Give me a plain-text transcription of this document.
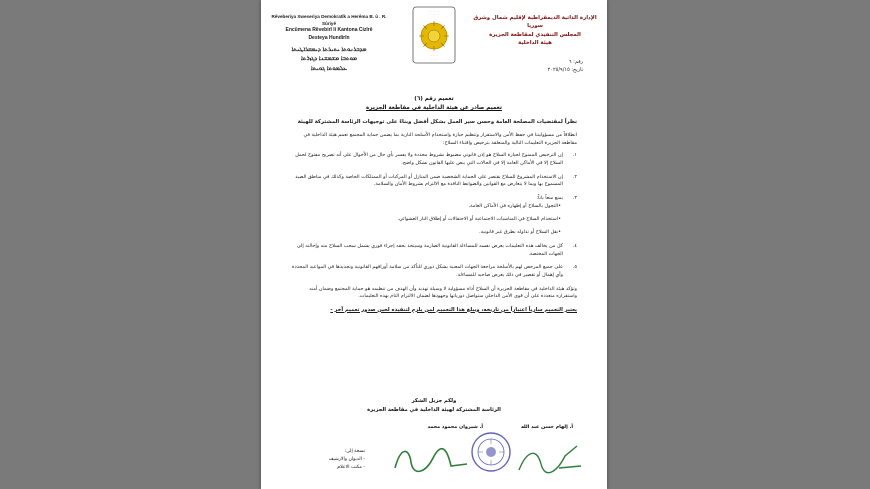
Rêveberiya Xweseriya Demokratîk a Herêma B. û . R. Sûriyê
Encûmena Rêvebirî li Kantona Cizîrê
Desteya Hundirîn
ܡܕܒܪܢܘܬܐ ܝܬܝܪܬܐ ܕܝܡܩܪܐܛܝܬܐ
ܡܘܬܒܐ ܡܫܡܫܢܐ ܕܓܙܪܬܐ
ܥܠܡܘܬܐ ܓܘܝܬܐ
· · · · · · · ·
· · · · · ·
· · · · · ·
· · · ·
الإدارة الذاتية الديمقراطية لإقليم شمال وشرق سوريا
المجلس التنفيذي لمقاطعة الجزيرة
هيئة الداخلية
رقم: ٦
تاريخ: ٢٠٢٥/٩/١٥
تعميم رقم (٦)
تعميم صادر عن هيئة الداخلية في مقاطعة الجزيرة

نظراً لمقتضيات المصلحة العامة وحسن سير العمل بشكل أفضل وبناءً على توجيهات الرئاسة المشتركة للهيئة

انطلاقاً من مسؤوليتنا في حفظ الأمن والاستقرار وتنظيم حيازة واستخدام الأسلحة النارية بما يضمن حماية المجتمع تعمم هيئة الداخلية في مقاطعة الجزيرة التعليمات التالية والمتعلقة بترخيص واقتناء السلاح:

١.
إن الترخيص الممنوح لحيازة السلاح هو إذن قانوني مضبوط بشروط محددة ولا يفسر بأي حال من الأحوال على أنه تصريح مفتوح لحمل السلاح إلا في الأماكن العامة إلا في الحالات التي ينص عليها القانون بشكل واضح.
٢.
إن الاستخدام المشروع للسلاح يقتصر على الحماية الشخصية ضمن المنازل أو المركبات أو الممتلكات الخاصة وكذلك في مناطق الصيد المسموح بها وبما لا يتعارض مع القوانين والضوابط النافذة مع الالتزام بشروط الأمان والسلامة.
٣.
يمنع منعاً باتاً:

•التجول بالسلاح أو إظهاره في الأماكن العامة.

•استخدام السلاح في المناسبات الاجتماعية أو الاحتفالات أو إطلاق النار العشوائي.

•نقل السلاح أو تداوله بطرق غير قانونية.

٤.
كل من يخالف هذه التعليمات يعرض نفسه للمساءلة القانونية الصارمة وسيتخذ بحقه إجراء فوري يشمل سحب السلاح منه وإحالته إلى الجهات المختصة.
٥.
على جميع المرخص لهم بالأسلحة مراجعة الجهات المعنية بشكل دوري للتأكد من سلامة أوراقهم القانونية وتجديدها في المواعيد المحددة وأي إهمال أو تقصير في ذلك يعرض صاحبه للمساءلة.

وتؤكد هيئة الداخلية في مقاطعة الجزيرة أن السلاح أداة مسؤولية لا وسيلة تهديد وأن الهدف من تنظيمه هو حماية المجتمع وضمان أمنه واستقراره متعددة على أن قوى الأمن الداخلي ستواصل دورياتها وجهودها لضمان الالتزام التام بهذه التعليمات.

يعتبر التعميم سارياً اعتباراً من تاريخه، ويبلغ هذا التعميم لمن يلزم لتنفيذه لحين صدور تعميم آخر -

ولكم جزيل الشكر
الرئاسة المشتركة لهيئة الداخلية في مقاطعة الجزيرة
أ. إلهام حسن عبد الله
أ. شيروان محمود محمد
نسخة إلى:
- الديوان والارشيف
- مكتب الاعلام
